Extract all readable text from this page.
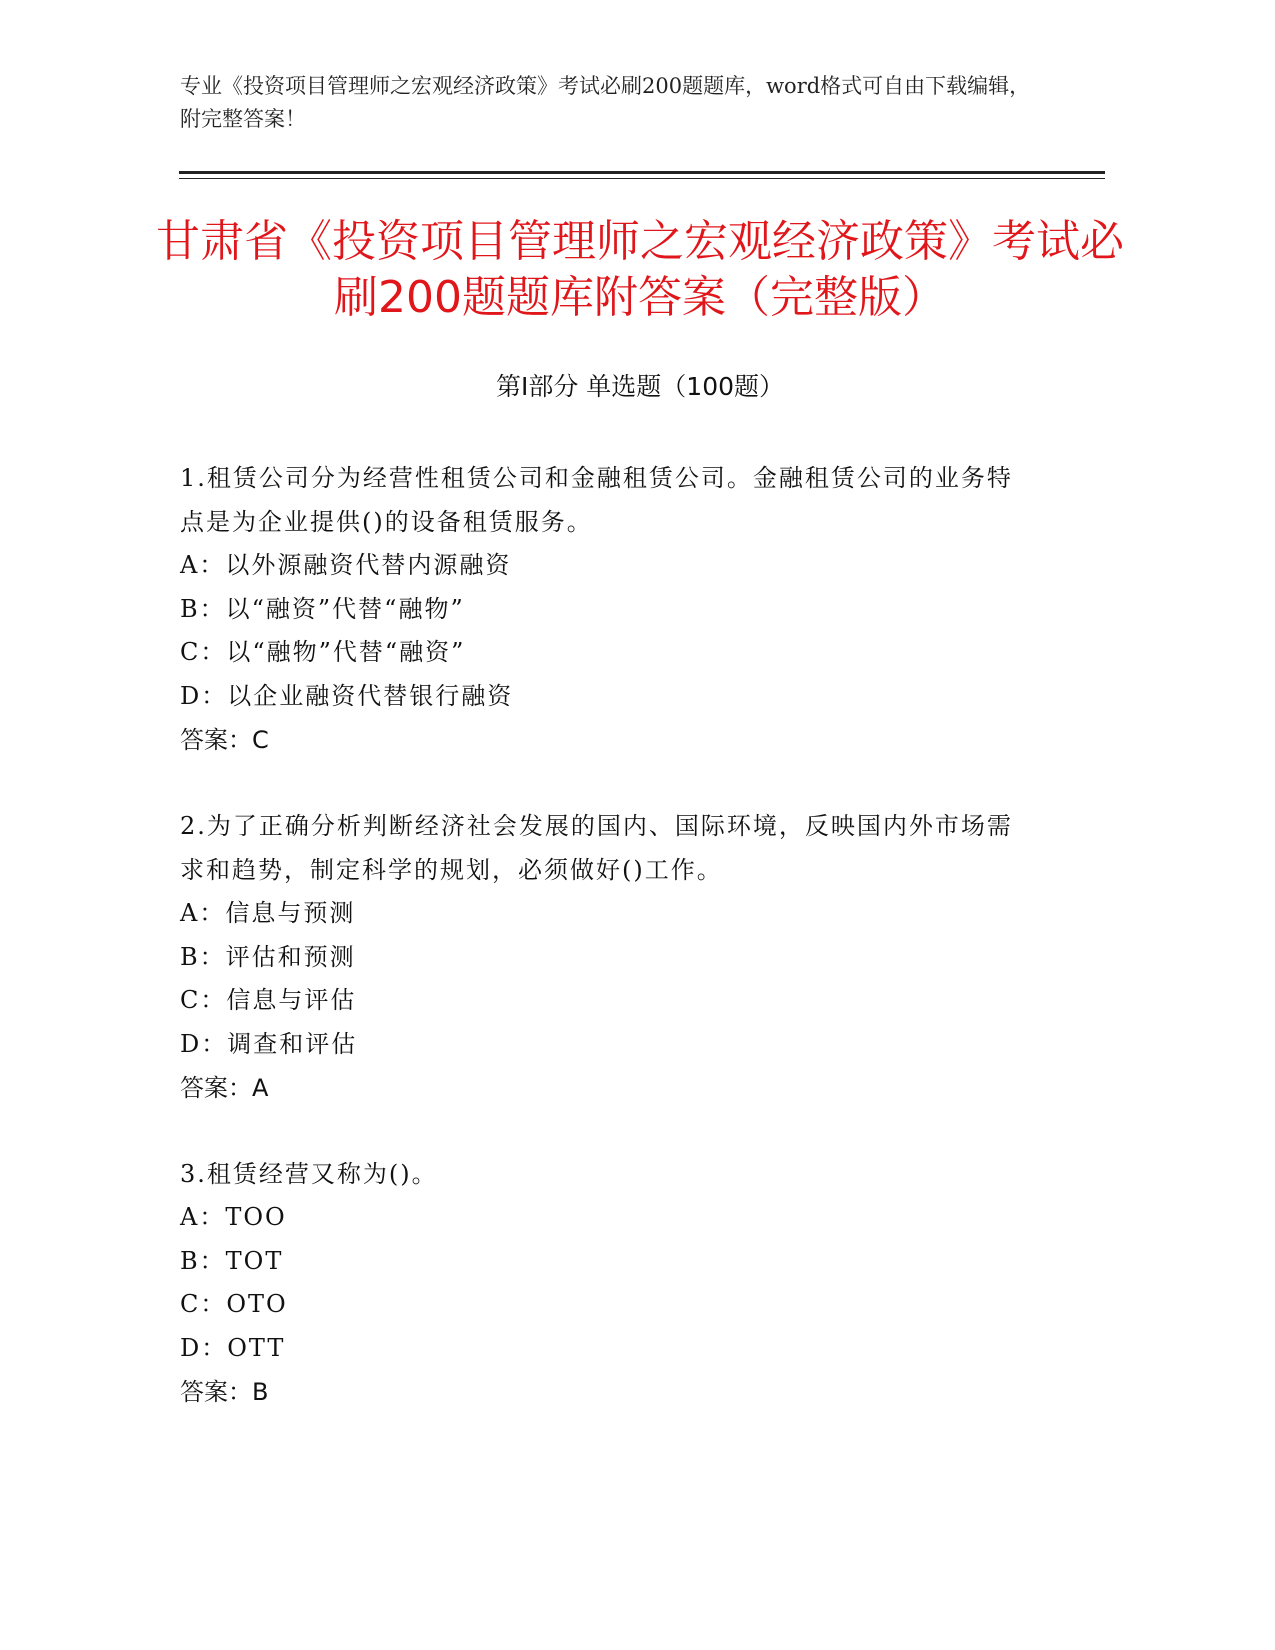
专业《投资项目管理师之宏观经济政策》考试必刷200题题库，word格式可自由下载编辑，附完整答案！
甘肃省《投资项目管理师之宏观经济政策》考试必刷200题题库附答案（完整版）
第Ⅰ部分 单选题（100题）
1.租赁公司分为经营性租赁公司和金融租赁公司。金融租赁公司的业务特点是为企业提供()的设备租赁服务。
A：以外源融资代替内源融资
B：以“融资”代替“融物”
C：以“融物”代替“融资”
D：以企业融资代替银行融资
答案：C
2.为了正确分析判断经济社会发展的国内、国际环境，反映国内外市场需求和趋势，制定科学的规划，必须做好()工作。
A：信息与预测
B：评估和预测
C：信息与评估
D：调查和评估
答案：A
3.租赁经营又称为()。
A：TOO
B：TOT
C：OTO
D：OTT
答案：B
